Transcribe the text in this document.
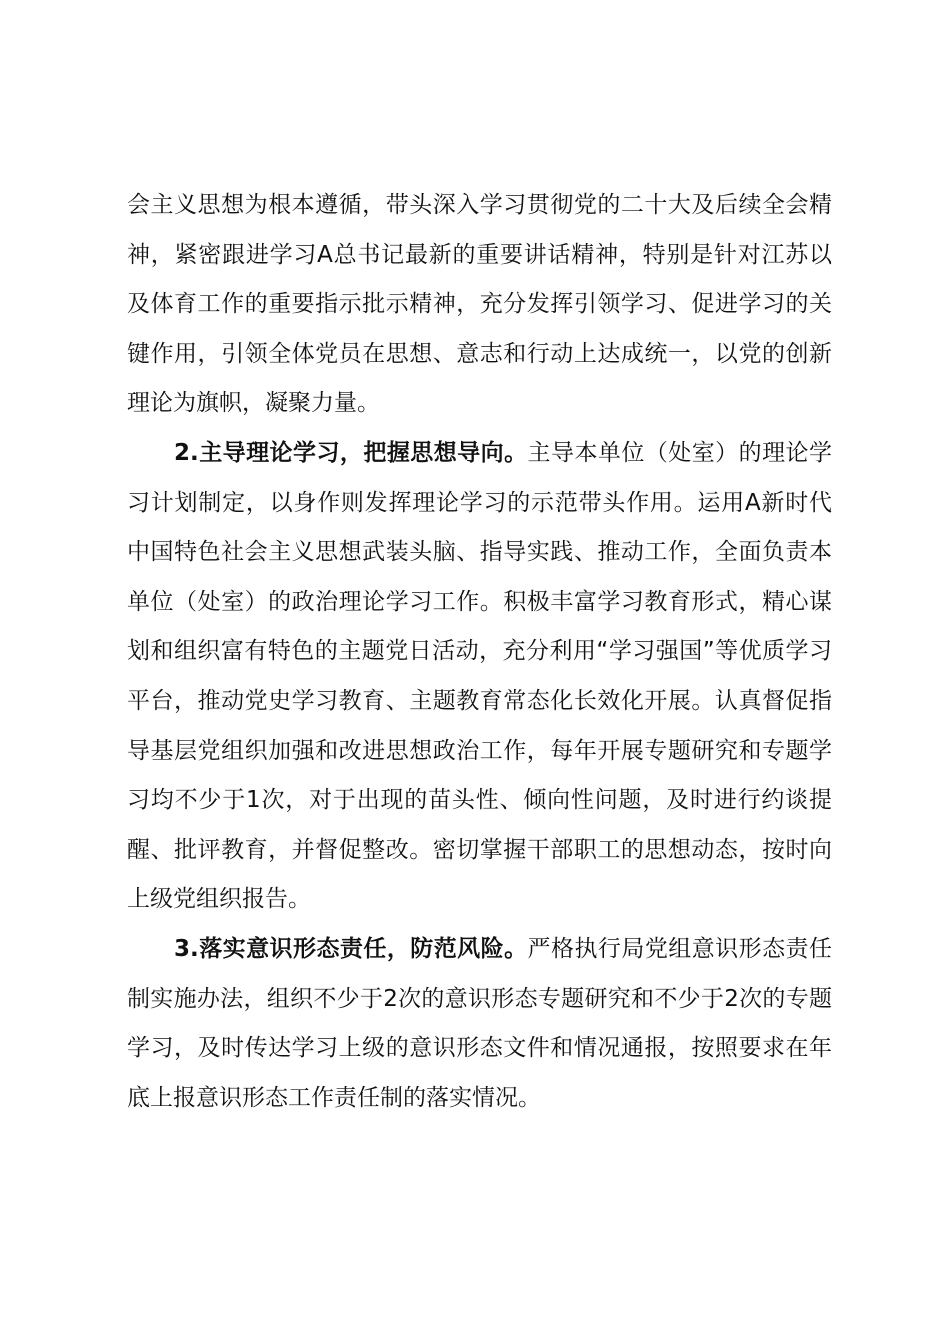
会主义思想为根本遵循，带头深入学习贯彻党的二十大及后续全会精神，紧密跟进学习A总书记最新的重要讲话精神，特别是针对江苏以及体育工作的重要指示批示精神，充分发挥引领学习、促进学习的关键作用，引领全体党员在思想、意志和行动上达成统一，以党的创新理论为旗帜，凝聚力量。

2.主导理论学习，把握思想导向。主导本单位（处室）的理论学习计划制定，以身作则发挥理论学习的示范带头作用。运用A新时代中国特色社会主义思想武装头脑、指导实践、推动工作，全面负责本单位（处室）的政治理论学习工作。积极丰富学习教育形式，精心谋划和组织富有特色的主题党日活动，充分利用“学习强国”等优质学习平台，推动党史学习教育、主题教育常态化长效化开展。认真督促指导基层党组织加强和改进思想政治工作，每年开展专题研究和专题学习均不少于1次，对于出现的苗头性、倾向性问题，及时进行约谈提醒、批评教育，并督促整改。密切掌握干部职工的思想动态，按时向上级党组织报告。

3.落实意识形态责任，防范风险。严格执行局党组意识形态责任制实施办法，组织不少于2次的意识形态专题研究和不少于2次的专题学习，及时传达学习上级的意识形态文件和情况通报，按照要求在年底上报意识形态工作责任制的落实情况。
